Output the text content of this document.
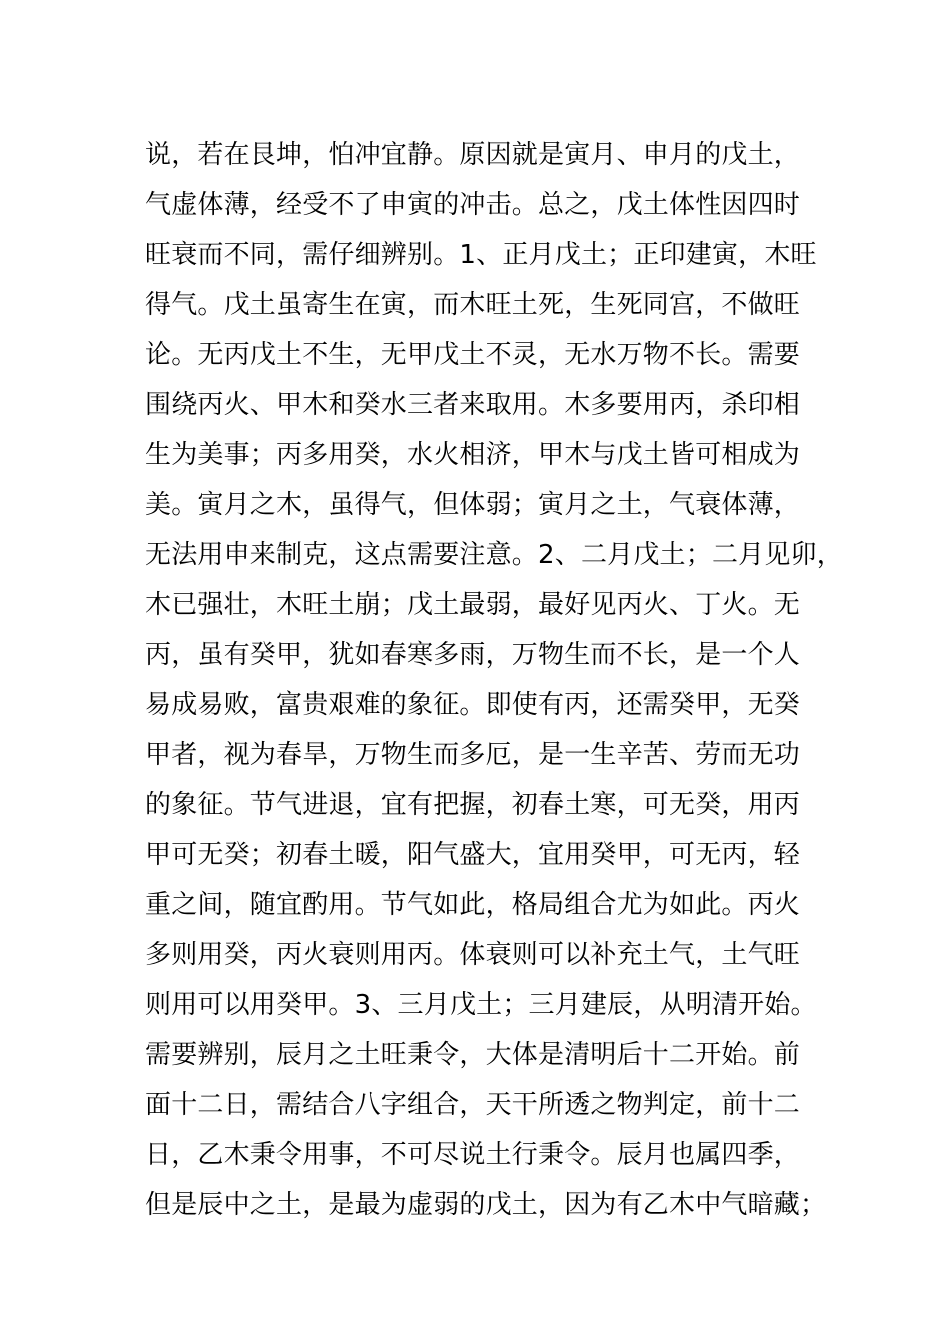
说，若在艮坤，怕冲宜静。原因就是寅月、申月的戊土，
气虚体薄，经受不了申寅的冲击。总之，戊土体性因四时
旺衰而不同，需仔细辨别。1、正月戊土；正印建寅，木旺
得气。戊土虽寄生在寅，而木旺土死，生死同宫，不做旺
论。无丙戊土不生，无甲戊土不灵，无水万物不长。需要
围绕丙火、甲木和癸水三者来取用。木多要用丙，杀印相
生为美事；丙多用癸，水火相济，甲木与戊土皆可相成为
美。寅月之木，虽得气，但体弱；寅月之土，气衰体薄，
无法用申来制克，这点需要注意。2、二月戊土；二月见卯，
木已强壮，木旺土崩；戊土最弱，最好见丙火、丁火。无
丙，虽有癸甲，犹如春寒多雨，万物生而不长，是一个人
易成易败，富贵艰难的象征。即使有丙，还需癸甲，无癸
甲者，视为春旱，万物生而多厄，是一生辛苦、劳而无功
的象征。节气进退，宜有把握，初春土寒，可无癸，用丙
甲可无癸；初春土暖，阳气盛大，宜用癸甲，可无丙，轻
重之间，随宜酌用。节气如此，格局组合尤为如此。丙火
多则用癸，丙火衰则用丙。体衰则可以补充土气，土气旺
则用可以用癸甲。3、三月戊土；三月建辰，从明清开始。
需要辨别，辰月之土旺秉令，大体是清明后十二开始。前
面十二日，需结合八字组合，天干所透之物判定，前十二
日，乙木秉令用事，不可尽说土行秉令。辰月也属四季，
但是辰中之土，是最为虚弱的戊土，因为有乙木中气暗藏；
